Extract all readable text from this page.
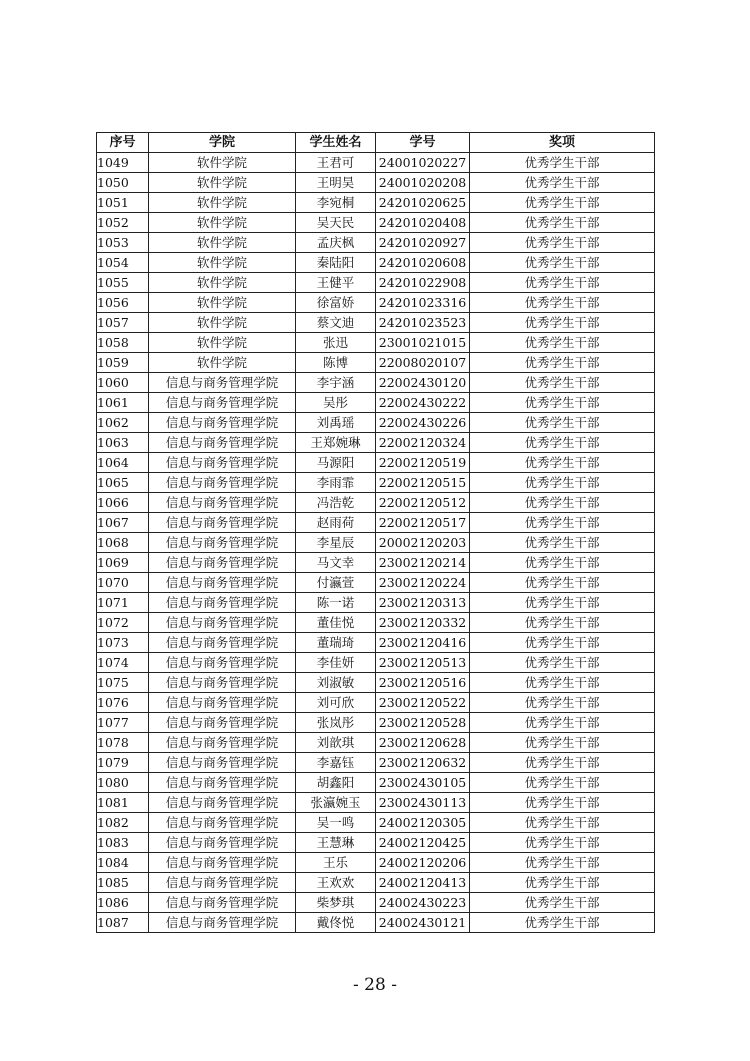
序号	学院	学生姓名	学号	奖项
1049	软件学院	王君可	24001020227	优秀学生干部
1050	软件学院	王明昊	24001020208	优秀学生干部
1051	软件学院	李宛桐	24201020625	优秀学生干部
1052	软件学院	吴天民	24201020408	优秀学生干部
1053	软件学院	孟庆枫	24201020927	优秀学生干部
1054	软件学院	秦陆阳	24201020608	优秀学生干部
1055	软件学院	王健平	24201022908	优秀学生干部
1056	软件学院	徐富娇	24201023316	优秀学生干部
1057	软件学院	蔡文迪	24201023523	优秀学生干部
1058	软件学院	张迅	23001021015	优秀学生干部
1059	软件学院	陈博	22008020107	优秀学生干部
1060	信息与商务管理学院	李宇涵	22002430120	优秀学生干部
1061	信息与商务管理学院	吴彤	22002430222	优秀学生干部
1062	信息与商务管理学院	刘禹瑶	22002430226	优秀学生干部
1063	信息与商务管理学院	王郑婉琳	22002120324	优秀学生干部
1064	信息与商务管理学院	马源阳	22002120519	优秀学生干部
1065	信息与商务管理学院	李雨霏	22002120515	优秀学生干部
1066	信息与商务管理学院	冯浩乾	22002120512	优秀学生干部
1067	信息与商务管理学院	赵雨荷	22002120517	优秀学生干部
1068	信息与商务管理学院	李星辰	20002120203	优秀学生干部
1069	信息与商务管理学院	马文幸	23002120214	优秀学生干部
1070	信息与商务管理学院	付瀛萱	23002120224	优秀学生干部
1071	信息与商务管理学院	陈一诺	23002120313	优秀学生干部
1072	信息与商务管理学院	董佳悦	23002120332	优秀学生干部
1073	信息与商务管理学院	董瑞琦	23002120416	优秀学生干部
1074	信息与商务管理学院	李佳妍	23002120513	优秀学生干部
1075	信息与商务管理学院	刘淑敏	23002120516	优秀学生干部
1076	信息与商务管理学院	刘可欣	23002120522	优秀学生干部
1077	信息与商务管理学院	张岚彤	23002120528	优秀学生干部
1078	信息与商务管理学院	刘歆琪	23002120628	优秀学生干部
1079	信息与商务管理学院	李嘉钰	23002120632	优秀学生干部
1080	信息与商务管理学院	胡鑫阳	23002430105	优秀学生干部
1081	信息与商务管理学院	张瀛婉玉	23002430113	优秀学生干部
1082	信息与商务管理学院	吴一鸣	24002120305	优秀学生干部
1083	信息与商务管理学院	王慧琳	24002120425	优秀学生干部
1084	信息与商务管理学院	王乐	24002120206	优秀学生干部
1085	信息与商务管理学院	王欢欢	24002120413	优秀学生干部
1086	信息与商务管理学院	柴梦琪	24002430223	优秀学生干部
1087	信息与商务管理学院	戴佟悦	24002430121	优秀学生干部
- 28 -
